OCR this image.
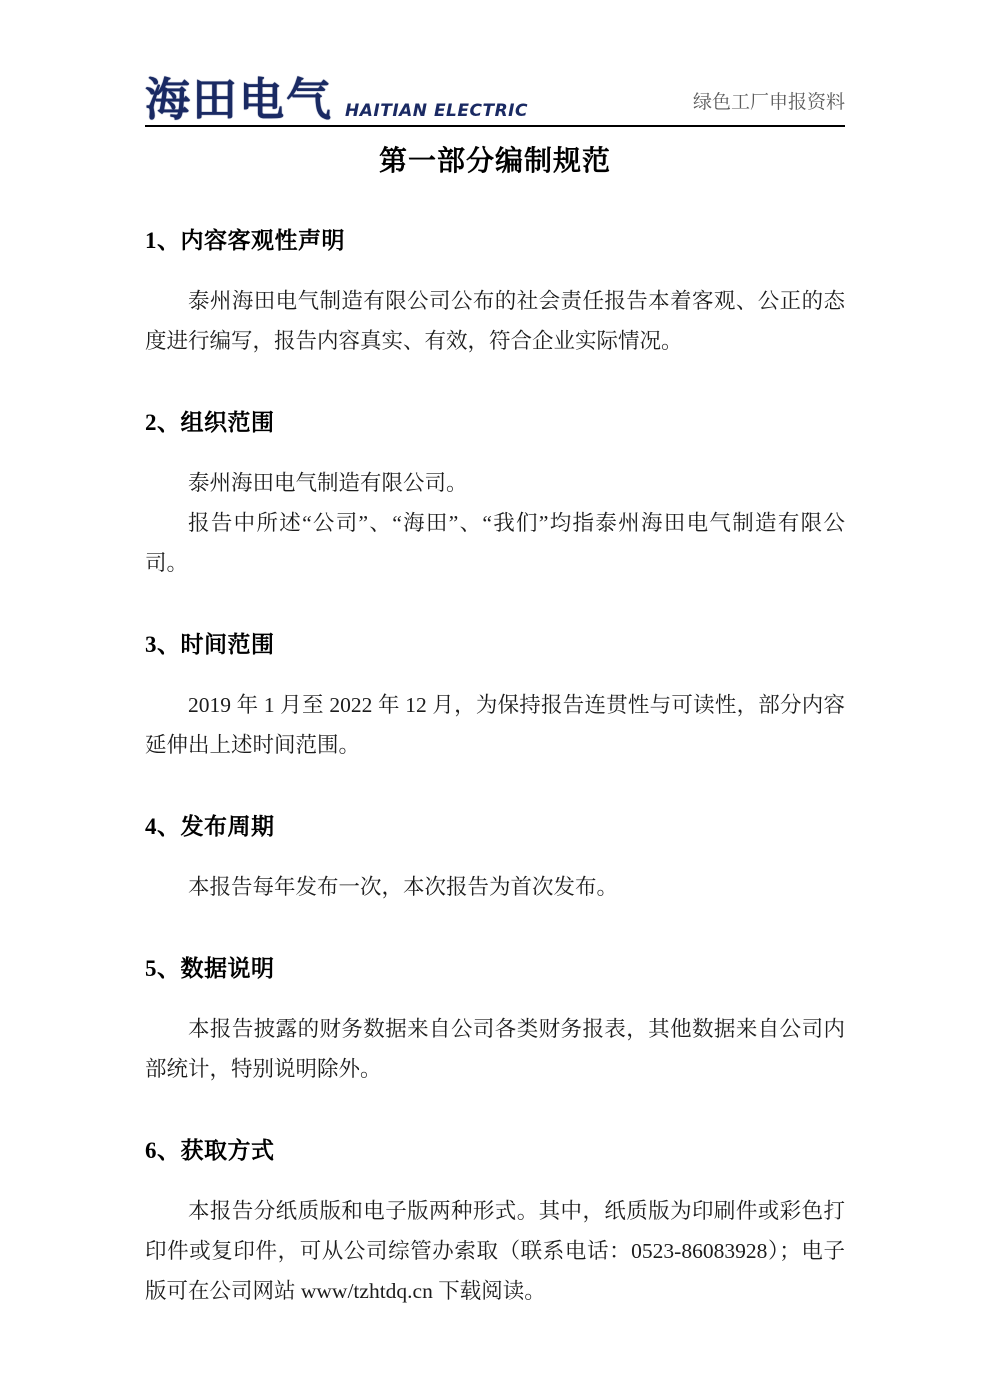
海田电气 HAITIAN ELECTRIC	绿色工厂申报资料
第一部分编制规范
1、内容客观性声明

泰州海田电气制造有限公司公布的社会责任报告本着客观、公正的态度进行编写，报告内容真实、有效，符合企业实际情况。

2、组织范围

泰州海田电气制造有限公司。

报告中所述“公司”、“海田”、“我们”均指泰州海田电气制造有限公司。

3、时间范围

2019 年 1 月至 2022 年 12 月，为保持报告连贯性与可读性，部分内容延伸出上述时间范围。

4、发布周期

本报告每年发布一次，本次报告为首次发布。

5、数据说明

本报告披露的财务数据来自公司各类财务报表，其他数据来自公司内部统计，特别说明除外。

6、获取方式

本报告分纸质版和电子版两种形式。其中，纸质版为印刷件或彩色打印件或复印件，可从公司综管办索取（联系电话：0523-86083928）；电子版可在公司网站 www/tzhtdq.cn 下载阅读。
